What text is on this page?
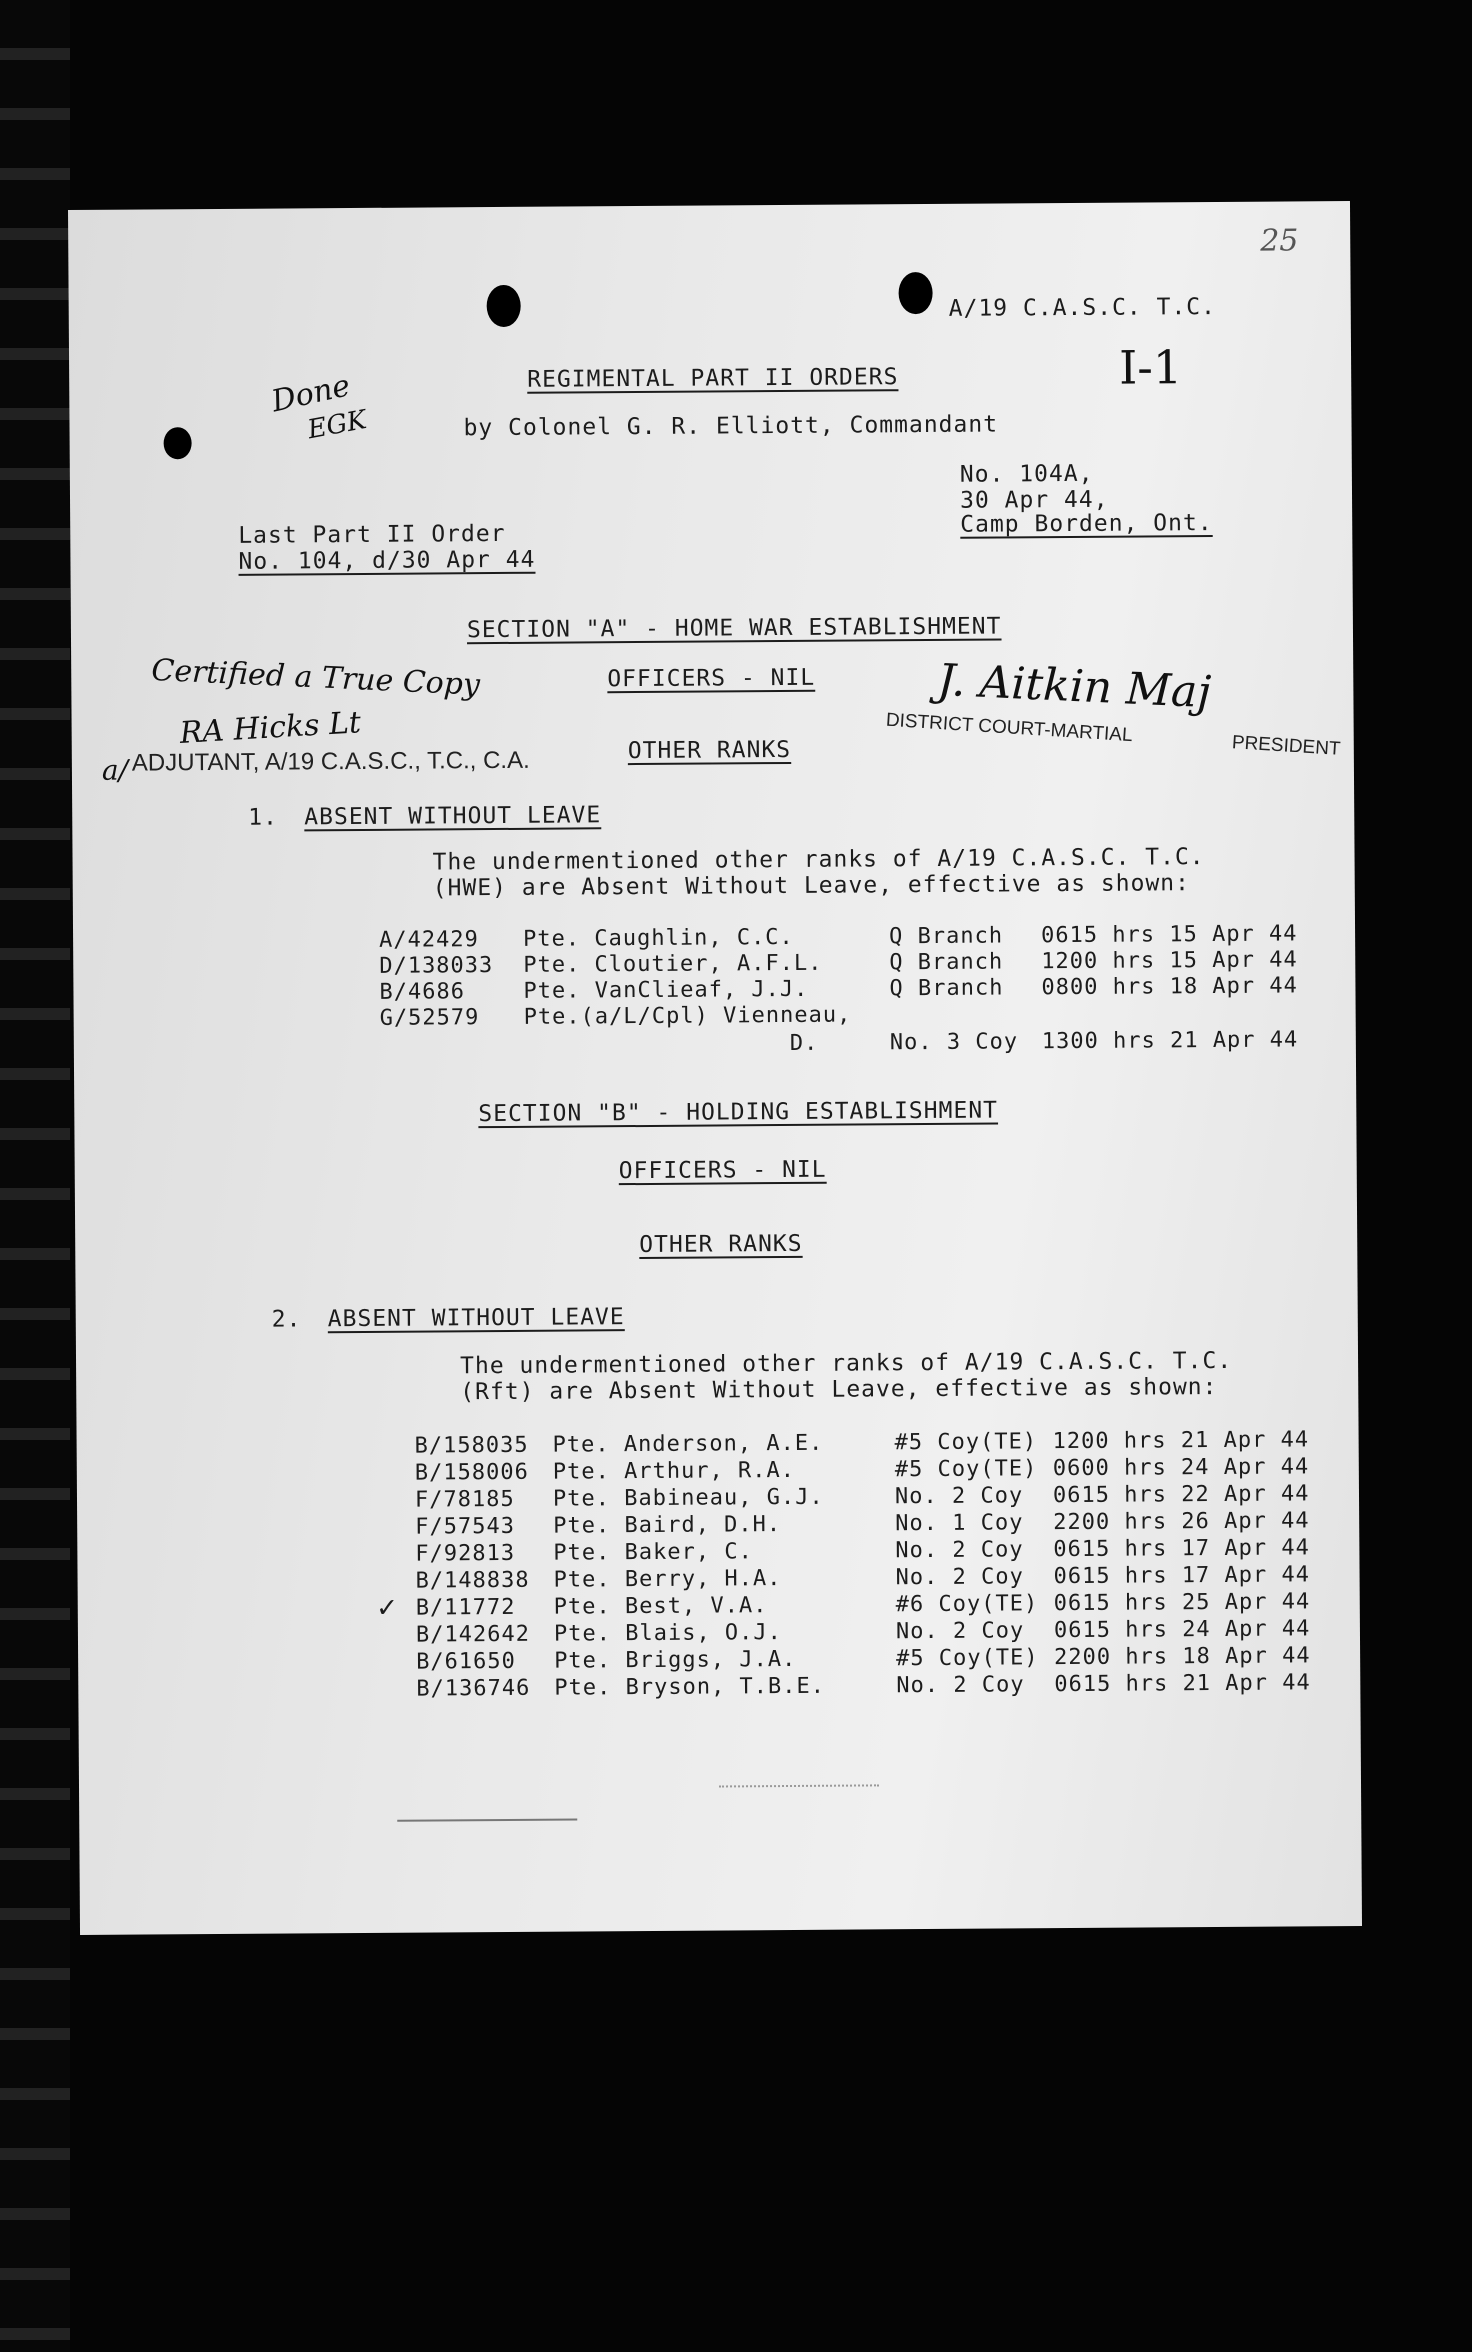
25
A/19 C.A.S.C. T.C.
REGIMENTAL PART II ORDERS
by Colonel G. R. Elliott, Commandant
Done
EGK
I-1
No. 104A,
30 Apr 44,
Camp Borden, Ont.
Last Part II Order
No. 104, d/30 Apr 44
SECTION "A" - HOME WAR ESTABLISHMENT
Certified a True Copy	OFFICERS - NIL
RA Hicks Lt
J. Aitkin Maj
DISTRICT COURT-MARTIAL	PRESIDENT
a/ ADJUTANT, A/19 C.A.S.C., T.C., C.A.	OTHER RANKS
1. ABSENT WITHOUT LEAVE
The undermentioned other ranks of A/19 C.A.S.C. T.C.
(HWE) are Absent Without Leave, effective as shown:
A/42429 Pte. Caughlin, C.C.	Q Branch 0615 hrs 15 Apr 44
D/138033 Pte. Cloutier, A.F.L.	Q Branch 1200 hrs 15 Apr 44
B/4686	Pte. VanClieaf, J.J.	Q Branch 0800 hrs 18 Apr 44
G/52579 Pte.(a/L/Cpl) Vienneau,
D.	No. 3 Coy 1300 hrs 21 Apr 44
SECTION "B" - HOLDING ESTABLISHMENT
OFFICERS - NIL
OTHER RANKS
2. ABSENT WITHOUT LEAVE
The undermentioned other ranks of A/19 C.A.S.C. T.C.
(Rft) are Absent Without Leave, effective as shown:
B/158035 Pte. Anderson, A.E.	#5 Coy(TE) 1200 hrs 21 Apr 44
B/158006 Pte. Arthur, R.A.	#5 Coy(TE) 0600 hrs 24 Apr 44
F/78185 Pte. Babineau, G.J.	No. 2 Coy 0615 hrs 22 Apr 44
F/57543 Pte. Baird, D.H.	No. 1 Coy 2200 hrs 26 Apr 44
F/92813 Pte. Baker, C.	No. 2 Coy 0615 hrs 17 Apr 44
B/148838 Pte. Berry, H.A.	No. 2 Coy 0615 hrs 17 Apr 44
✓ B/11772 Pte. Best, V.A.	#6 Coy(TE) 0615 hrs 25 Apr 44
B/142642 Pte. Blais, O.J.	No. 2 Coy 0615 hrs 24 Apr 44
B/61650 Pte. Briggs, J.A.	#5 Coy(TE) 2200 hrs 18 Apr 44
B/136746 Pte. Bryson, T.B.E.	No. 2 Coy 0615 hrs 21 Apr 44
